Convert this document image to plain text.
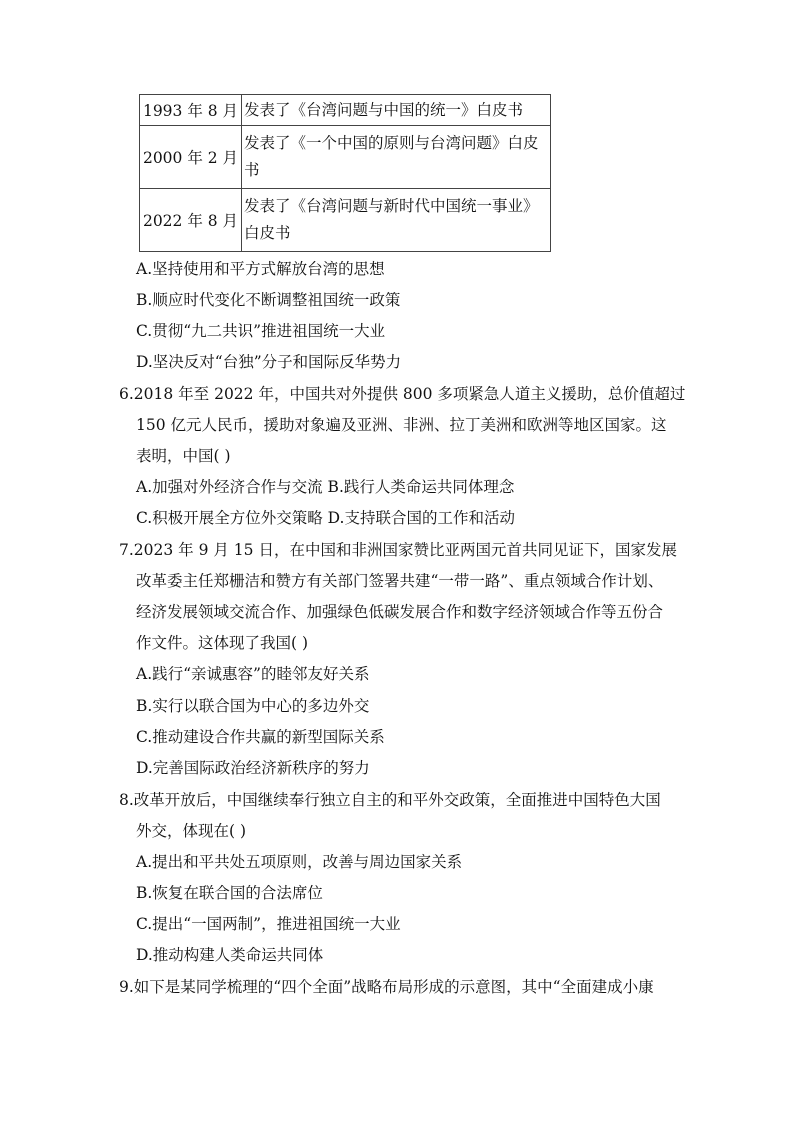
1993 年 8 月	发表了《台湾问题与中国的统一》白皮书

2000 年 2 月	发表了《一个中国的原则与台湾问题》白皮
书

2022 年 8 月	发表了《台湾问题与新时代中国统一事业》
白皮书
A.坚持使用和平方式解放台湾的思想
B.顺应时代变化不断调整祖国统一政策
C.贯彻“九二共识”推进祖国统一大业
D.坚决反对“台独”分子和国际反华势力
6.2018 年至 2022 年，中国共对外提供 800 多项紧急人道主义援助，总价值超过
150 亿元人民币，援助对象遍及亚洲、非洲、拉丁美洲和欧洲等地区国家。这
表明，中国( )
A.加强对外经济合作与交流 B.践行人类命运共同体理念
C.积极开展全方位外交策略 D.支持联合国的工作和活动
7.2023 年 9 月 15 日，在中国和非洲国家赞比亚两国元首共同见证下，国家发展
改革委主任郑栅洁和赞方有关部门签署共建“一带一路”、重点领域合作计划、
经济发展领域交流合作、加强绿色低碳发展合作和数字经济领域合作等五份合
作文件。这体现了我国( )
A.践行“亲诚惠容”的睦邻友好关系
B.实行以联合国为中心的多边外交
C.推动建设合作共赢的新型国际关系
D.完善国际政治经济新秩序的努力
8.改革开放后，中国继续奉行独立自主的和平外交政策，全面推进中国特色大国
外交，体现在( )
A.提出和平共处五项原则，改善与周边国家关系
B.恢复在联合国的合法席位
C.提出“一国两制”，推进祖国统一大业
D.推动构建人类命运共同体
9.如下是某同学梳理的“四个全面”战略布局形成的示意图，其中“全面建成小康
